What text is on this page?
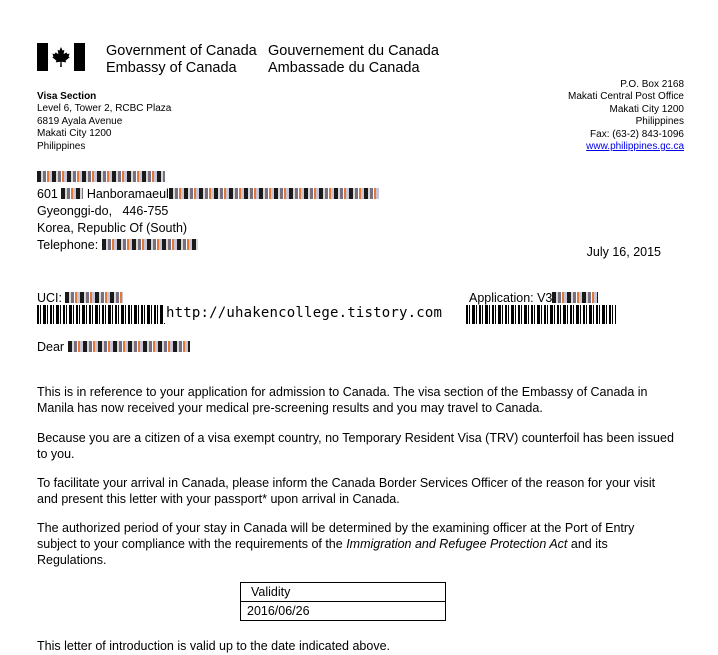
Government of Canada
Embassy of Canada
Gouvernement du Canada
Ambassade du Canada
Visa Section
Level 6, Tower 2, RCBC Plaza
6819 Ayala Avenue
Makati City 1200
Philippines
P.O. Box 2168
Makati Central Post Office
Makati City 1200
Philippines
Fax: (63-2) 843-1096
www.philippines.gc.ca
601 Hanboramaeul
Gyeonggi-do, 446-755
Korea, Republic Of (South)
Telephone:	July 16, 2015
UCI:	Application: V3
http://uhakencollege.tistory.com
Dear

This is in reference to your application for admission to Canada. The visa section of the Embassy of Canada in Manila has now received your medical pre-screening results and you may travel to Canada.

Because you are a citizen of a visa exempt country, no Temporary Resident Visa (TRV) counterfoil has been issued to you.

To facilitate your arrival in Canada, please inform the Canada Border Services Officer of the reason for your visit and present this letter with your passport* upon arrival in Canada.

The authorized period of your stay in Canada will be determined by the examining officer at the Port of Entry subject to your compliance with the requirements of the Immigration and Refugee Protection Act and its Regulations.

Validity
2016/06/26
This letter of introduction is valid up to the date indicated above.
